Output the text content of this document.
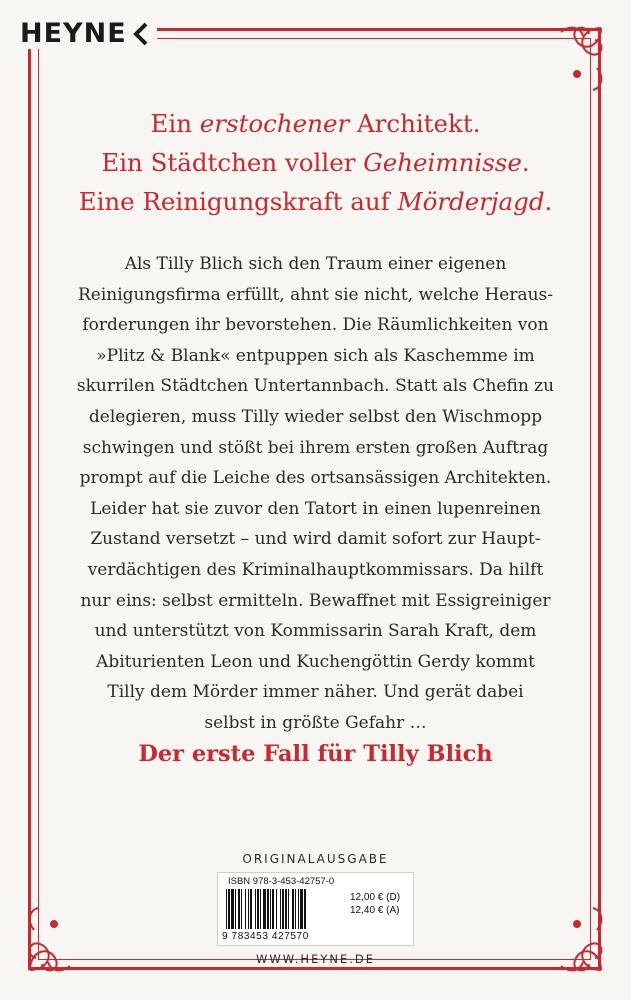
HEYNE
Ein erstochener Architekt.
Ein Städtchen voller Geheimnisse.
Eine Reinigungskraft auf Mörderjagd.
Als Tilly Blich sich den Traum einer eigenen
Reinigungsfirma erfüllt, ahnt sie nicht, welche Heraus-
forderungen ihr bevorstehen. Die Räumlichkeiten von
»Plitz & Blank« entpuppen sich als Kaschemme im
skurrilen Städtchen Untertannbach. Statt als Chefin zu
delegieren, muss Tilly wieder selbst den Wischmopp
schwingen und stößt bei ihrem ersten großen Auftrag
prompt auf die Leiche des ortsansässigen Architekten.
Leider hat sie zuvor den Tatort in einen lupenreinen
Zustand versetzt – und wird damit sofort zur Haupt-
verdächtigen des Kriminalhauptkommissars. Da hilft
nur eins: selbst ermitteln. Bewaffnet mit Essigreiniger
und unterstützt von Kommissarin Sarah Kraft, dem
Abiturienten Leon und Kuchengöttin Gerdy kommt
Tilly dem Mörder immer näher. Und gerät dabei
selbst in größte Gefahr …
Der erste Fall für Tilly Blich
ORIGINALAUSGABE
ISBN 978-3-453-42757-0
12,00 € (D)
12,40 € (A)
9 783453 427570
WWW.HEYNE.DE
